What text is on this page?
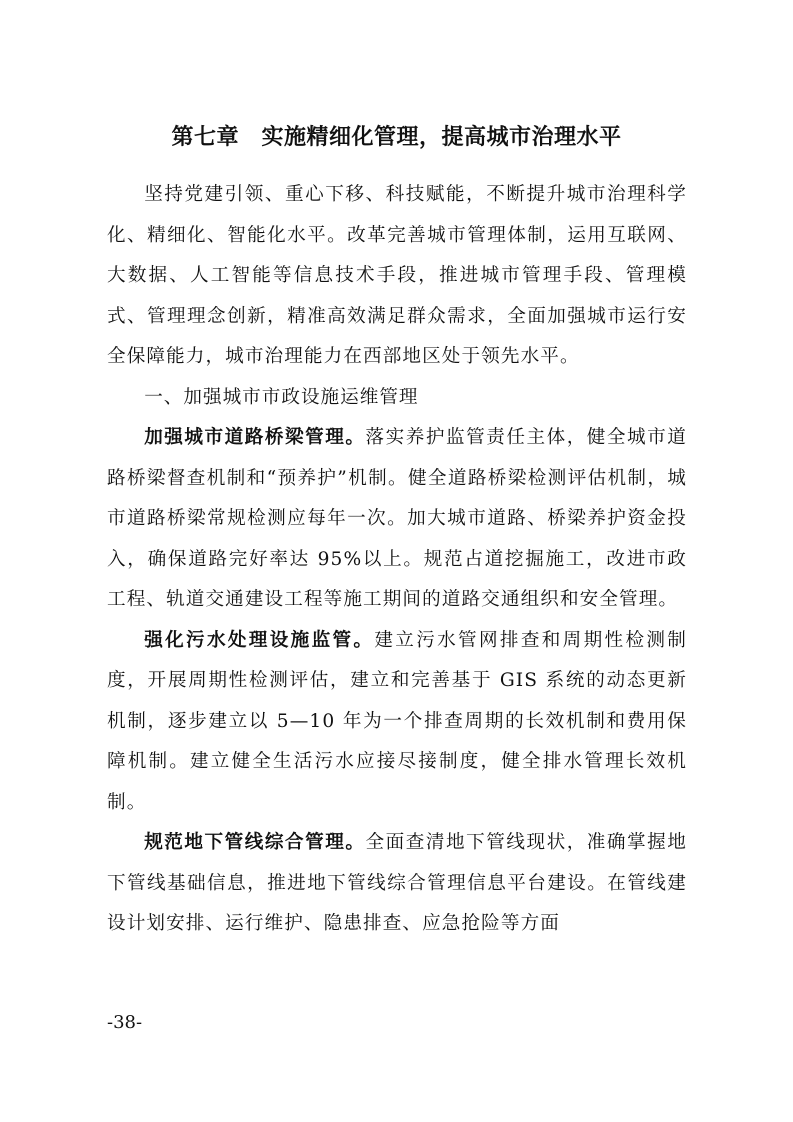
第七章　实施精细化管理，提高城市治理水平

坚持党建引领、重心下移、科技赋能，不断提升城市治理科学化、精细化、智能化水平。改革完善城市管理体制，运用互联网、大数据、人工智能等信息技术手段，推进城市管理手段、管理模式、管理理念创新，精准高效满足群众需求，全面加强城市运行安全保障能力，城市治理能力在西部地区处于领先水平。

一、加强城市市政设施运维管理

加强城市道路桥梁管理。落实养护监管责任主体，健全城市道路桥梁督查机制和“预养护”机制。健全道路桥梁检测评估机制，城市道路桥梁常规检测应每年一次。加大城市道路、桥梁养护资金投入，确保道路完好率达 95%以上。规范占道挖掘施工，改进市政工程、轨道交通建设工程等施工期间的道路交通组织和安全管理。

强化污水处理设施监管。建立污水管网排查和周期性检测制度，开展周期性检测评估，建立和完善基于 GIS 系统的动态更新机制，逐步建立以 5—10 年为一个排查周期的长效机制和费用保障机制。建立健全生活污水应接尽接制度，健全排水管理长效机制。

规范地下管线综合管理。全面查清地下管线现状，准确掌握地下管线基础信息，推进地下管线综合管理信息平台建设。在管线建设计划安排、运行维护、隐患排查、应急抢险等方面

-38-
